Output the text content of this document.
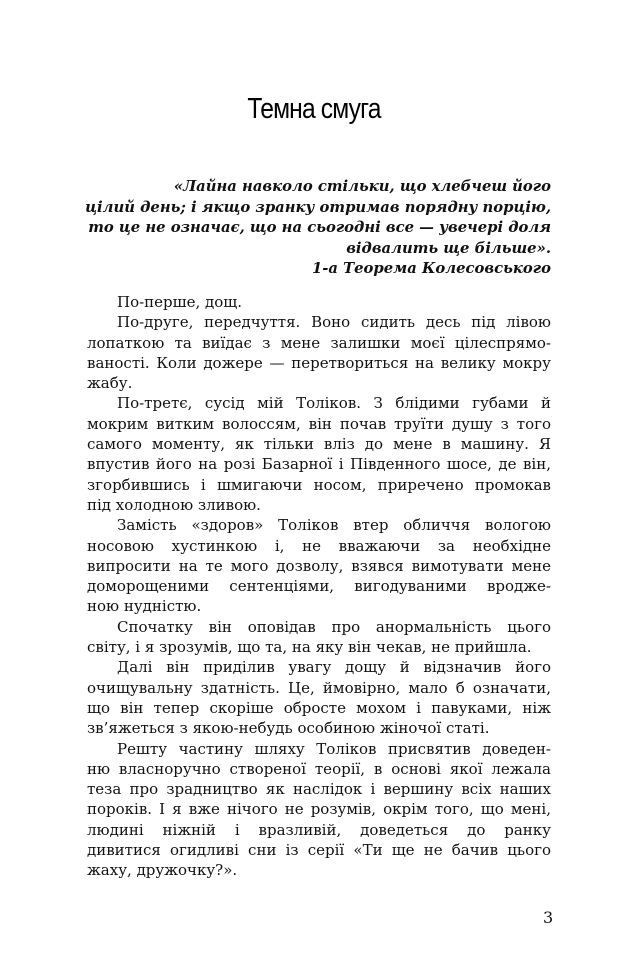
Темна смуга
«Лайна навколо стільки, що хлебчеш його
цілий день; і якщо зранку отримав порядну порцію,
то це не означає, що на сьогодні все — увечері доля
відвалить ще більше».
1-а Теорема Колесовського
По-перше, дощ.
По-друге, передчуття. Воно сидить десь під лівою
лопаткою та виїдає з мене залишки моєї цілеспрямо-
ваності. Коли дожере — перетвориться на велику мокру
жабу.
По-третє, сусід мій Толіков. З блідими губами й
мокрим витким волоссям, він почав труїти душу з того
самого моменту, як тільки вліз до мене в машину. Я
впустив його на розі Базарної і Південного шосе, де він,
згорбившись і шмигаючи носом, приречено промокав
під холодною зливою.
Замість «здоров» Толіков втер обличчя вологою
носовою хустинкою і, не вважаючи за необхідне
випросити на те мого дозволу, взявся вимотувати мене
доморощеними сентенціями, вигодуваними вродже-
ною нудністю.
Спочатку він оповідав про анормальність цього
світу, і я зрозумів, що та, на яку він чекав, не прийшла.
Далі він приділив увагу дощу й відзначив його
очищувальну здатність. Це, ймовірно, мало б означати,
що він тепер скоріше обросте мохом і павуками, ніж
зв’яжеться з якою-небудь особиною жіночої статі.
Решту частину шляху Толіков присвятив доведен-
ню власноручно створеної теорії, в основі якої лежала
теза про зрадництво як наслідок і вершину всіх наших
пороків. І я вже нічого не розумів, окрім того, що мені,
людині ніжній і вразливій, доведеться до ранку
дивитися огидливі сни із серії «Ти ще не бачив цього
жаху, дружочку?».
3
